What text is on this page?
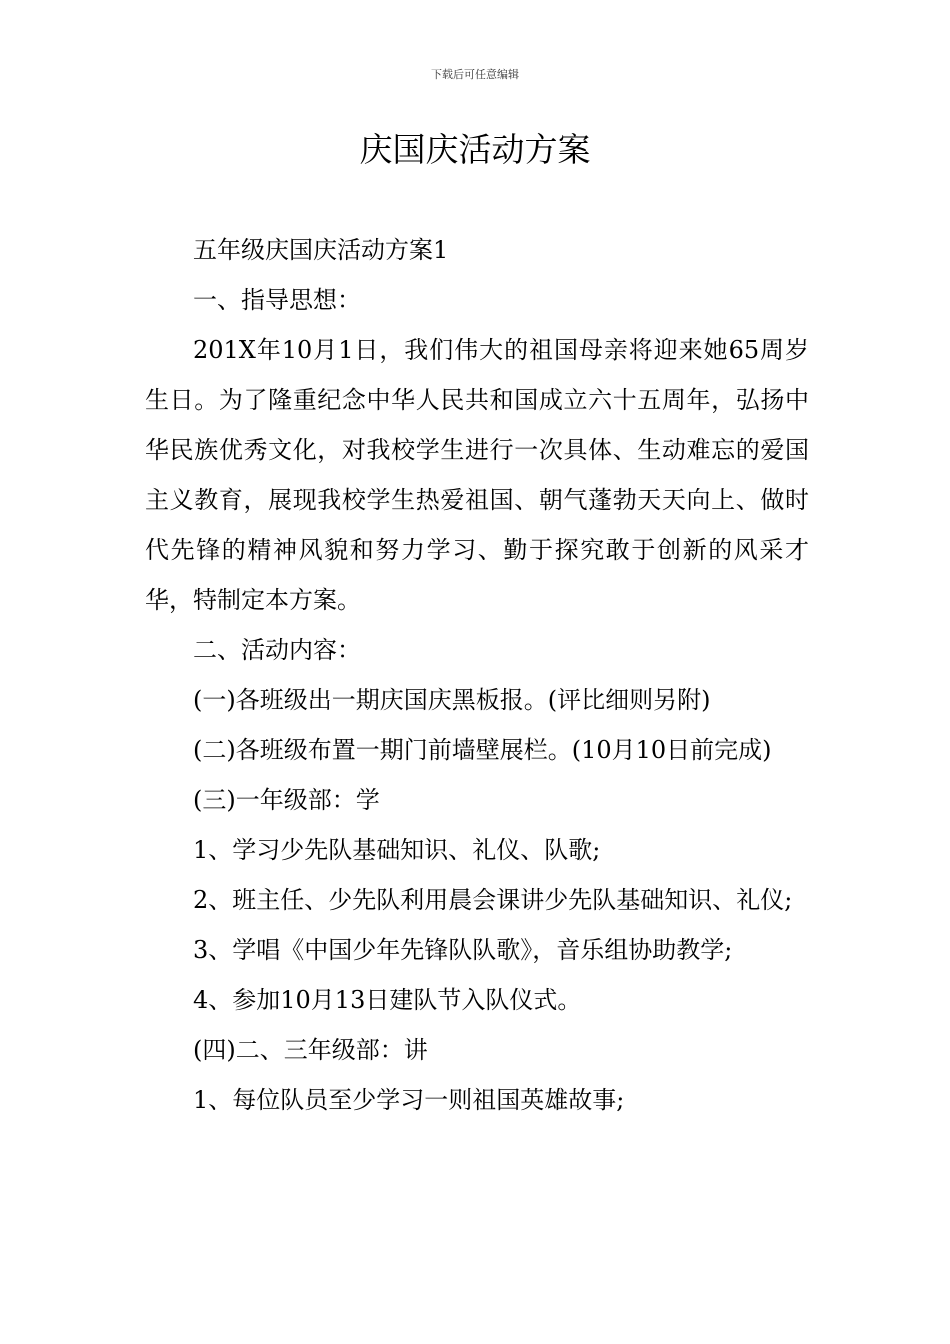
下载后可任意编辑
庆国庆活动方案

五年级庆国庆活动方案1

一、指导思想：

201X年10月1日，我们伟大的祖国母亲将迎来她65周岁生日。为了隆重纪念中华人民共和国成立六十五周年，弘扬中华民族优秀文化，对我校学生进行一次具体、生动难忘的爱国主义教育，展现我校学生热爱祖国、朝气蓬勃天天向上、做时代先锋的精神风貌和努力学习、勤于探究敢于创新的风采才华，特制定本方案。

二、活动内容：

(一)各班级出一期庆国庆黑板报。(评比细则另附)

(二)各班级布置一期门前墙壁展栏。(10月10日前完成)

(三)一年级部：学

1、学习少先队基础知识、礼仪、队歌;

2、班主任、少先队利用晨会课讲少先队基础知识、礼仪;

3、学唱《中国少年先锋队队歌》，音乐组协助教学;

4、参加10月13日建队节入队仪式。

(四)二、三年级部：讲

1、每位队员至少学习一则祖国英雄故事;
